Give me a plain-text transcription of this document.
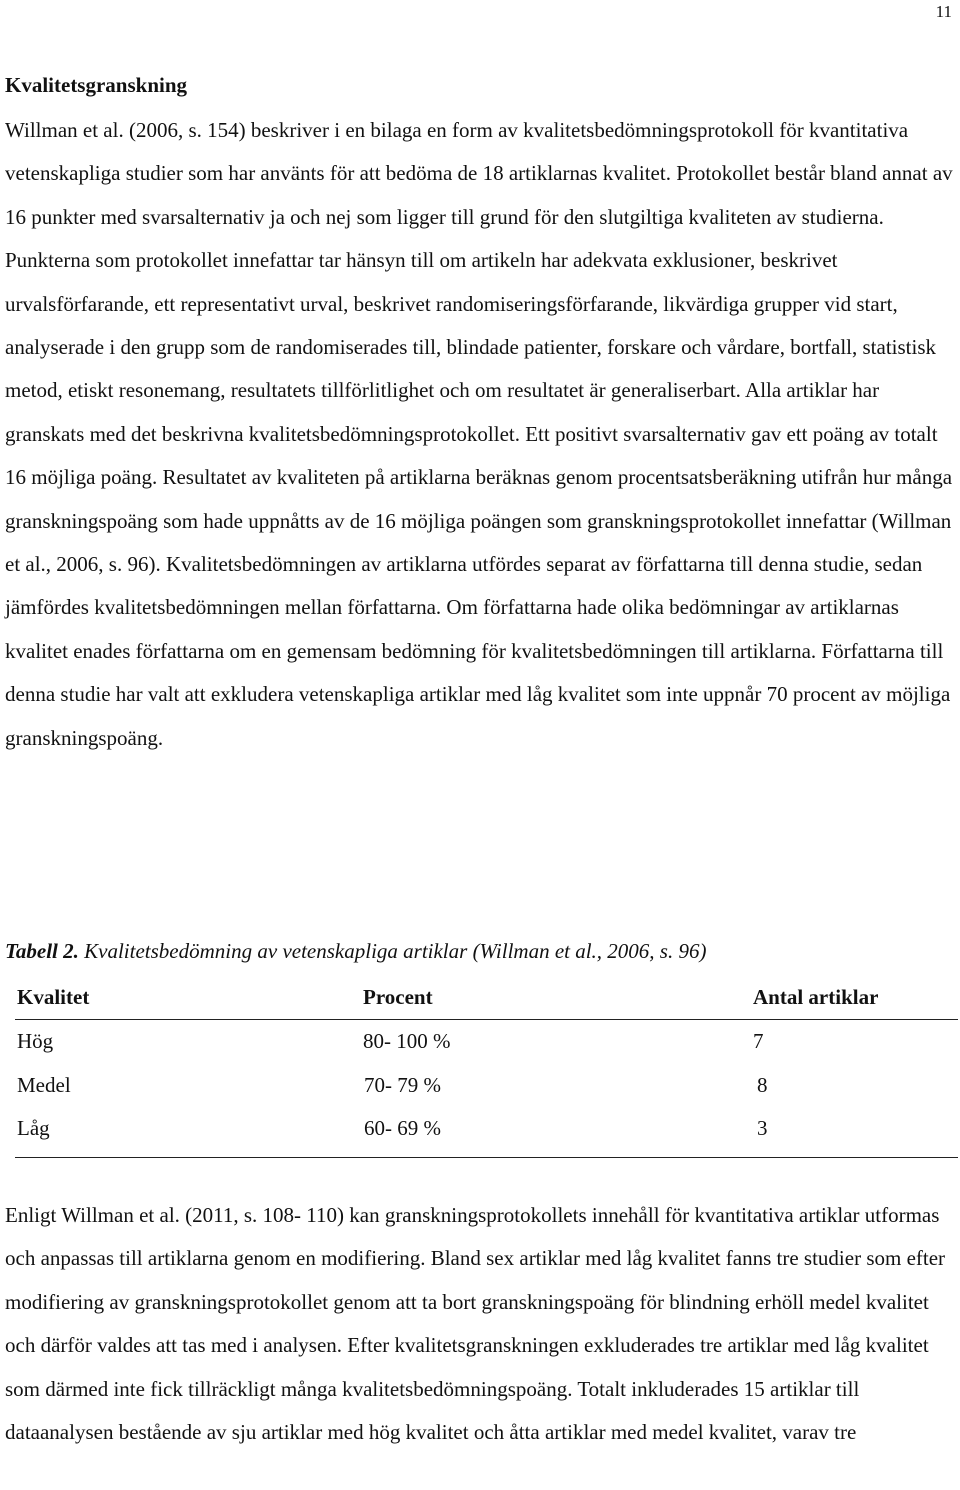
11
Kvalitetsgranskning

Willman et al. (2006, s. 154) beskriver i en bilaga en form av kvalitetsbedömningsprotokoll för kvantitativa vetenskapliga studier som har använts för att bedöma de 18 artiklarnas kvalitet. Protokollet består bland annat av 16 punkter med svarsalternativ ja och nej som ligger till grund för den slutgiltiga kvaliteten av studierna. Punkterna som protokollet innefattar tar hänsyn till om artikeln har adekvata exklusioner, beskrivet urvalsförfarande, ett representativt urval, beskrivet randomiseringsförfarande, likvärdiga grupper vid start, analyserade i den grupp som de randomiserades till, blindade patienter, forskare och vårdare, bortfall, statistisk metod, etiskt resonemang, resultatets tillförlitlighet och om resultatet är generaliserbart. Alla artiklar har granskats med det beskrivna kvalitetsbedömningsprotokollet. Ett positivt svarsalternativ gav ett poäng av totalt 16 möjliga poäng. Resultatet av kvaliteten på artiklarna beräknas genom procentsatsberäkning utifrån hur många granskningspoäng som hade uppnåtts av de 16 möjliga poängen som granskningsprotokollet innefattar (Willman et al., 2006, s. 96). Kvalitetsbedömningen av artiklarna utfördes separat av författarna till denna studie, sedan jämfördes kvalitetsbedömningen mellan författarna. Om författarna hade olika bedömningar av artiklarnas kvalitet enades författarna om en gemensam bedömning för kvalitetsbedömningen till artiklarna. Författarna till denna studie har valt att exkludera vetenskapliga artiklar med låg kvalitet som inte uppnår 70 procent av möjliga granskningspoäng.

Tabell 2. Kvalitetsbedömning av vetenskapliga artiklar (Willman et al., 2006, s. 96)

Kvalitet	Procent	Antal artiklar
Hög	80- 100 %	7
Medel	70- 79 %	8
Låg	60- 69 %	3

Enligt Willman et al. (2011, s. 108- 110) kan granskningsprotokollets innehåll för kvantitativa artiklar utformas och anpassas till artiklarna genom en modifiering. Bland sex artiklar med låg kvalitet fanns tre studier som efter modifiering av granskningsprotokollet genom att ta bort granskningspoäng för blindning erhöll medel kvalitet och därför valdes att tas med i analysen. Efter kvalitetsgranskningen exkluderades tre artiklar med låg kvalitet som därmed inte fick tillräckligt många kvalitetsbedömningspoäng. Totalt inkluderades 15 artiklar till dataanalysen bestående av sju artiklar med hög kvalitet och åtta artiklar med medel kvalitet, varav tre
